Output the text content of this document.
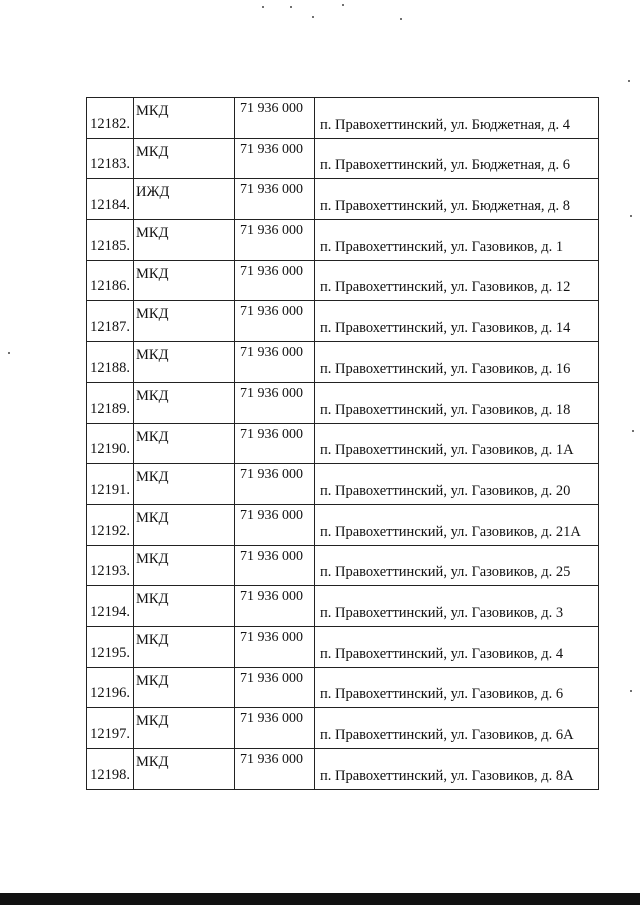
12182.	МКД	71 936 000	п. Правохеттинский, ул. Бюджетная, д. 4

12183.	МКД	71 936 000	п. Правохеттинский, ул. Бюджетная, д. 6

12184.	ИЖД	71 936 000	п. Правохеттинский, ул. Бюджетная, д. 8

12185.	МКД	71 936 000	п. Правохеттинский, ул. Газовиков, д. 1

12186.	МКД	71 936 000	п. Правохеттинский, ул. Газовиков, д. 12

12187.	МКД	71 936 000	п. Правохеттинский, ул. Газовиков, д. 14

12188.	МКД	71 936 000	п. Правохеттинский, ул. Газовиков, д. 16

12189.	МКД	71 936 000	п. Правохеттинский, ул. Газовиков, д. 18

12190.	МКД	71 936 000	п. Правохеттинский, ул. Газовиков, д. 1А

12191.	МКД	71 936 000	п. Правохеттинский, ул. Газовиков, д. 20

12192.	МКД	71 936 000	п. Правохеттинский, ул. Газовиков, д. 21А

12193.	МКД	71 936 000	п. Правохеттинский, ул. Газовиков, д. 25

12194.	МКД	71 936 000	п. Правохеттинский, ул. Газовиков, д. 3

12195.	МКД	71 936 000	п. Правохеттинский, ул. Газовиков, д. 4

12196.	МКД	71 936 000	п. Правохеттинский, ул. Газовиков, д. 6

12197.	МКД	71 936 000	п. Правохеттинский, ул. Газовиков, д. 6А

12198.	МКД	71 936 000	п. Правохеттинский, ул. Газовиков, д. 8А
